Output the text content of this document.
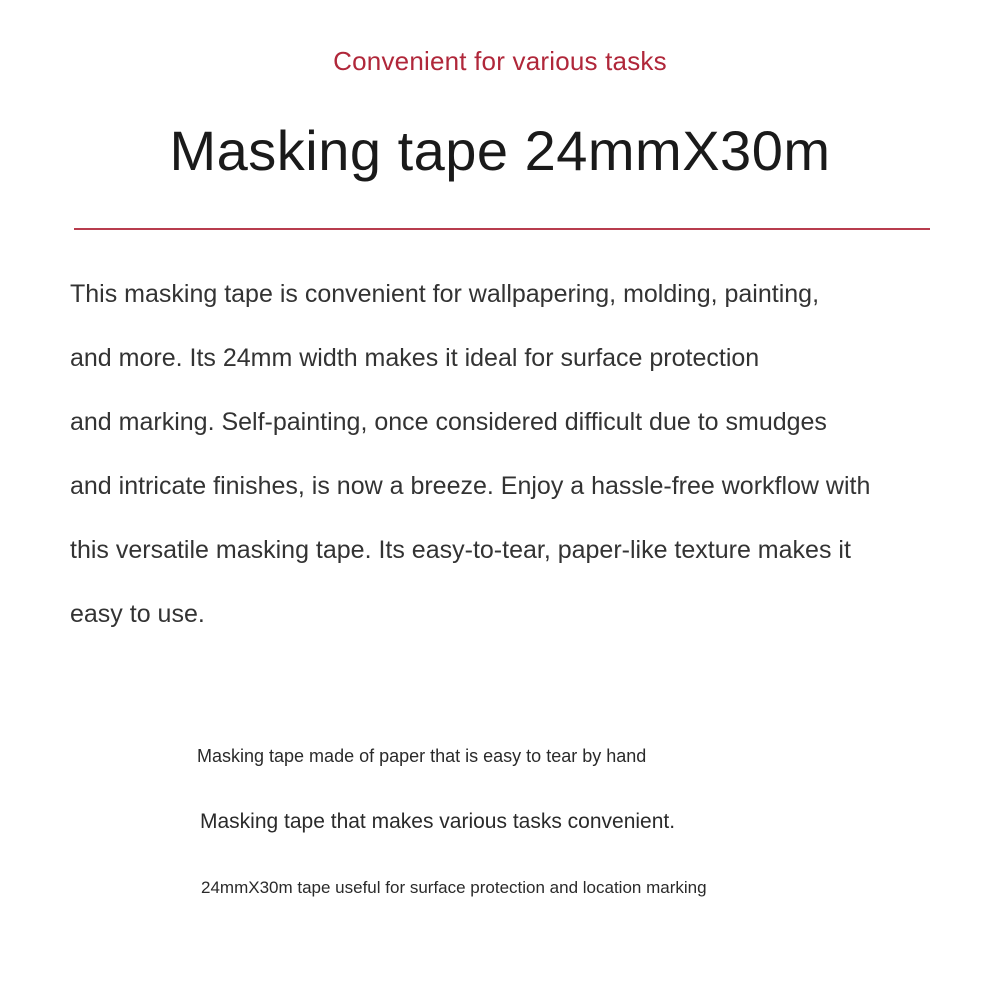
Convenient for various tasks
Masking tape 24mmX30m
This masking tape is convenient for wallpapering, molding, painting,
and more. Its 24mm width makes it ideal for surface protection
and marking. Self-painting, once considered difficult due to smudges
and intricate finishes, is now a breeze. Enjoy a hassle-free workflow with
this versatile masking tape. Its easy-to-tear, paper-like texture makes it
easy to use.
Masking tape made of paper that is easy to tear by hand
Masking tape that makes various tasks convenient.
24mmX30m tape useful for surface protection and location marking
